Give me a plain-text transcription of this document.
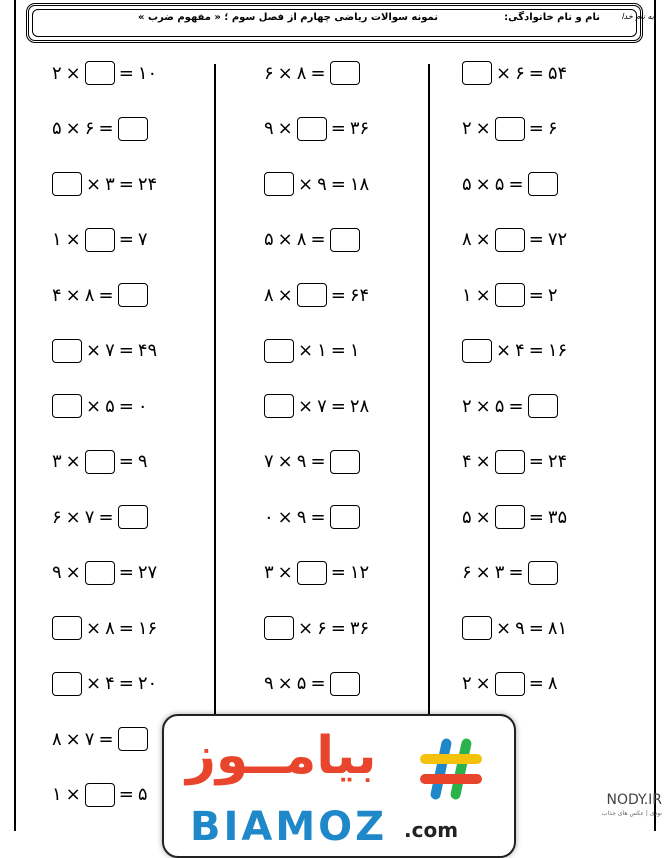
به نام خدا
نام و نام خانوادگی:
نمونه سوالات ریاضی چهارم از فصل سوم ؛ « مفهوم ضرب »
۲ × = ۱۰
۵ × ۶ =
× ۳ = ۲۴
۱ × = ۷
۴ × ۸ =
× ۷ = ۴۹
× ۵ = ۰
۳ × = ۹
۶ × ۷ =
۹ × = ۲۷
× ۸ = ۱۶
× ۴ = ۲۰
۸ × ۷ =
۱ × = ۵
۶ × ۸ =
۹ × = ۳۶
× ۹ = ۱۸
۵ × ۸ =
۸ × = ۶۴
× ۱ = ۱
× ۷ = ۲۸
۷ × ۹ =
۰ × ۹ =
۳ × = ۱۲
× ۶ = ۳۶
۹ × ۵ =
× ۶ = ۵۴
۲ × = ۶
۵ × ۵ =
۸ × = ۷۲
۱ × = ۲
× ۴ = ۱۶
۲ × ۵ =
۴ × = ۲۴
۵ × = ۳۵
۶ × ۳ =
× ۹ = ۸۱
۲ × = ۸
بیامــوز
BIAMOZ .com
NODY.IR
نودی | عکس های جذاب
